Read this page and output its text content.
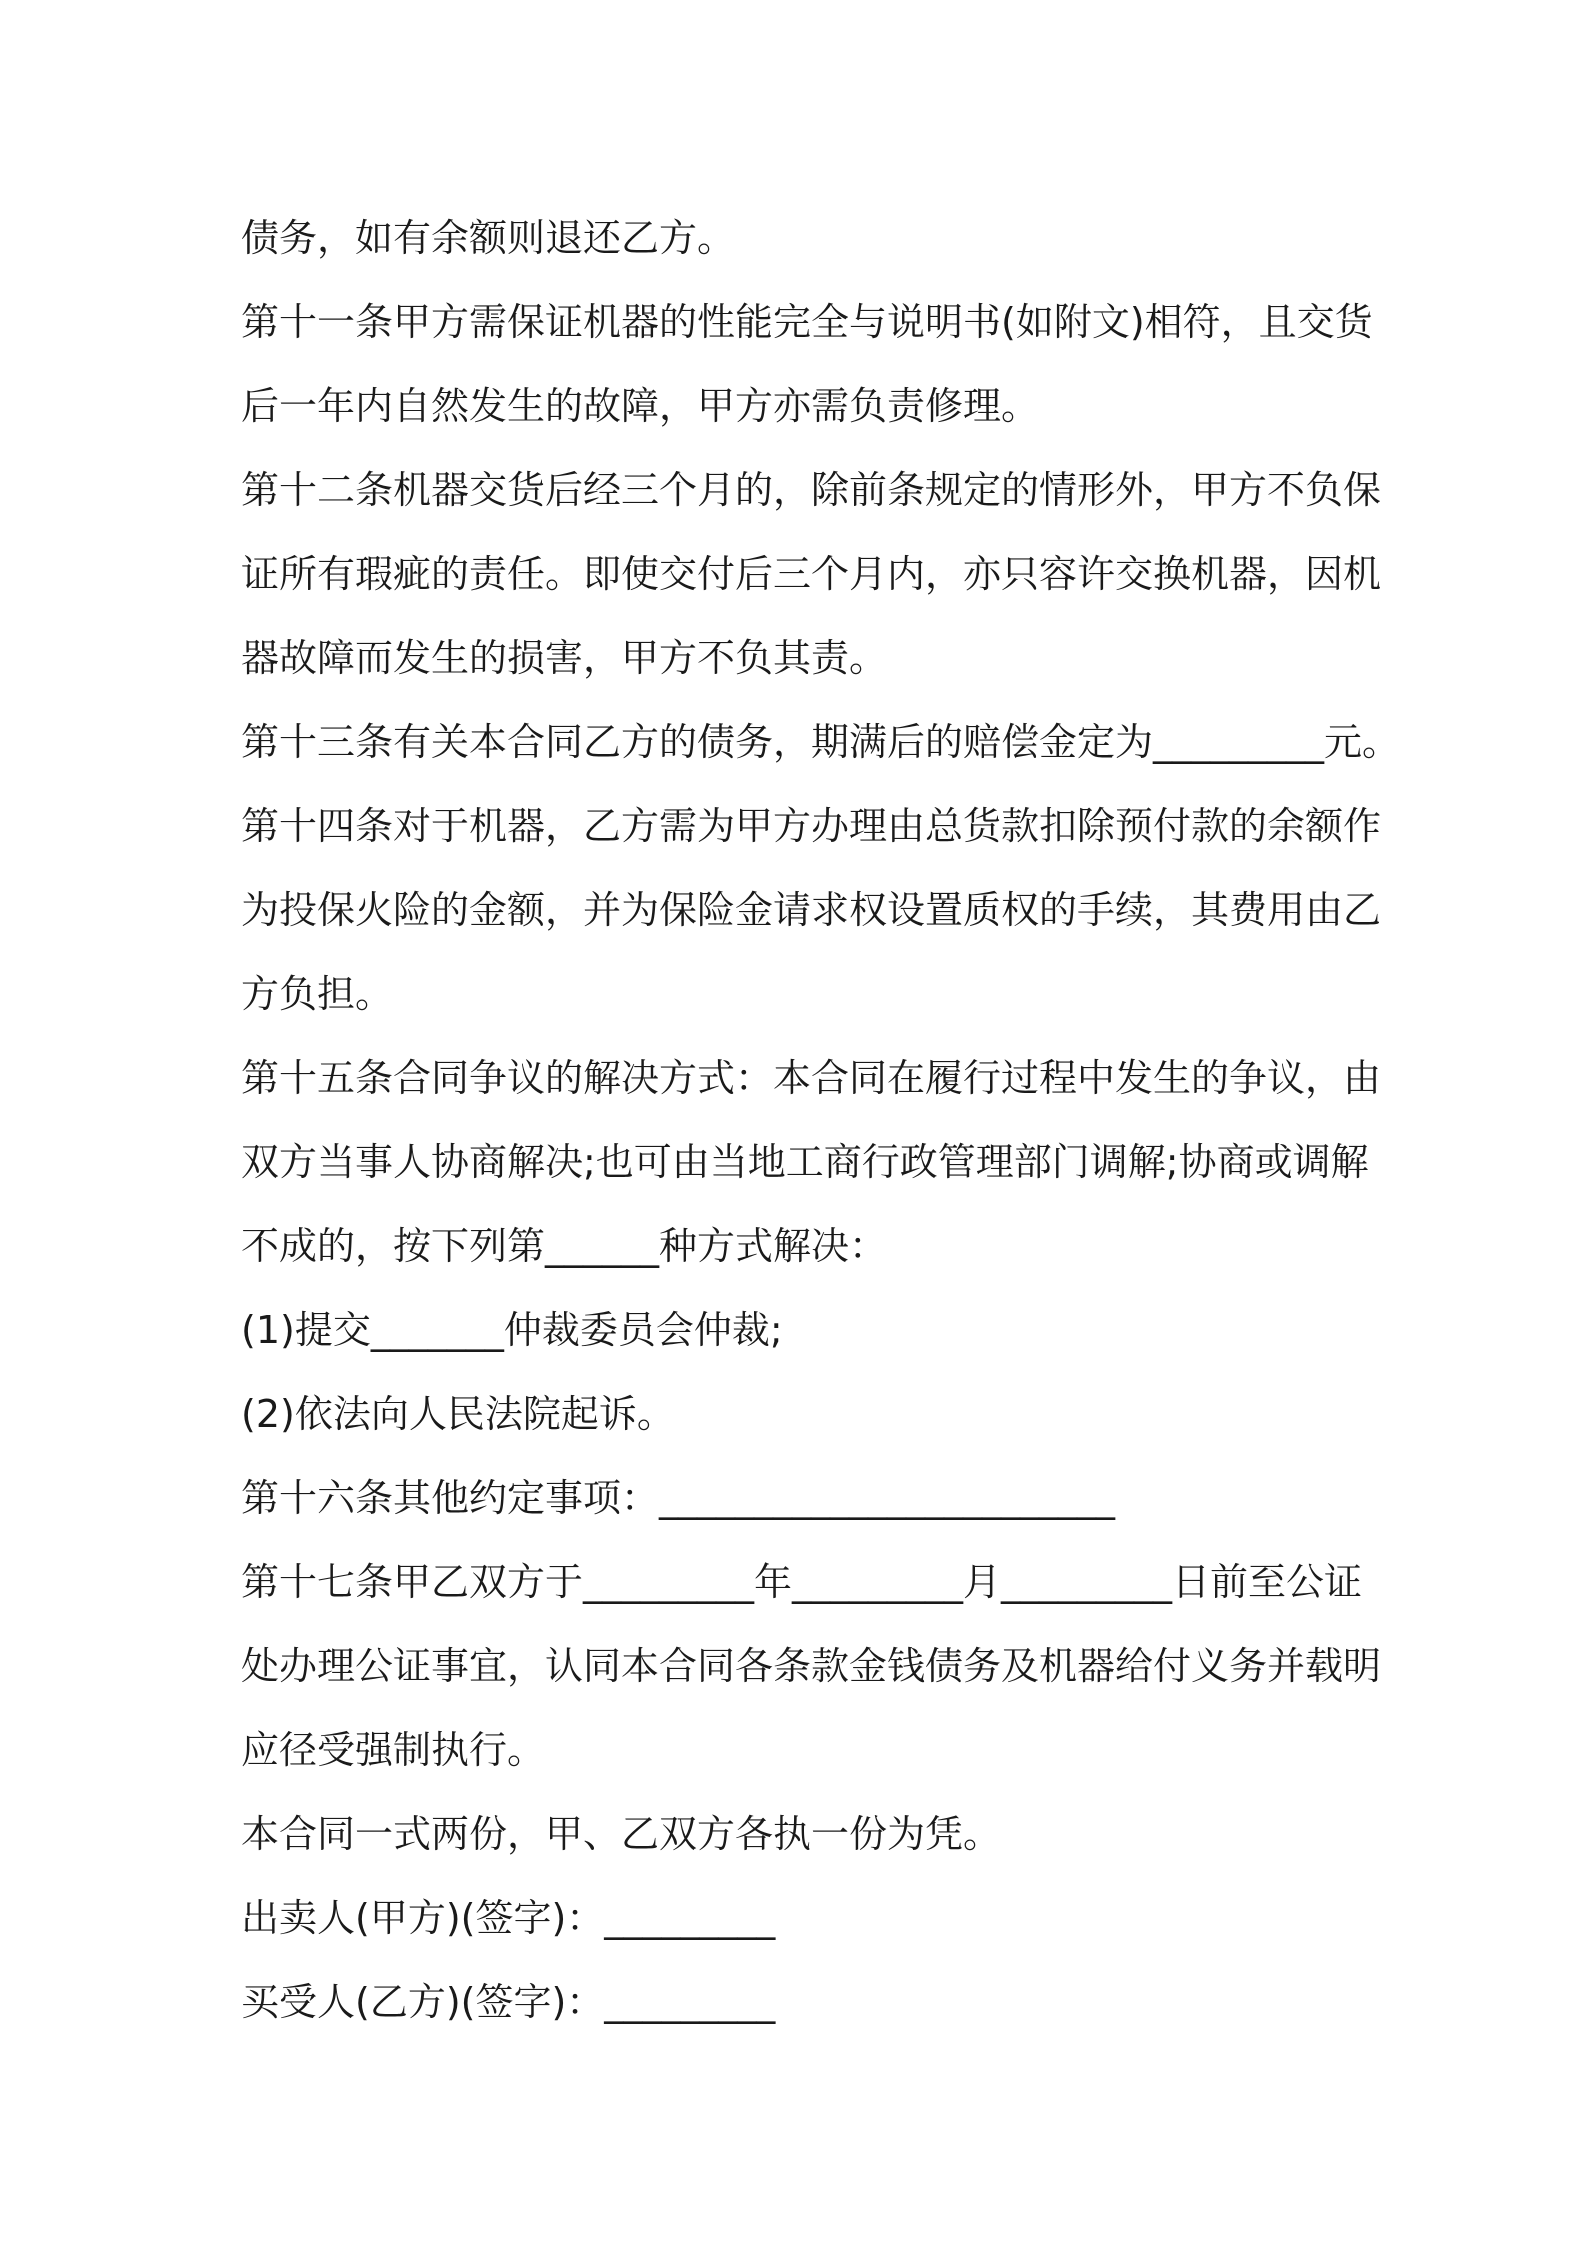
债务，如有余额则退还乙方。
第十一条甲方需保证机器的性能完全与说明书(如附文)相符，且交货
后一年内自然发生的故障，甲方亦需负责修理。
第十二条机器交货后经三个月的，除前条规定的情形外，甲方不负保
证所有瑕疵的责任。即使交付后三个月内，亦只容许交换机器，因机
器故障而发生的损害，甲方不负其责。
第十三条有关本合同乙方的债务，期满后的赔偿金定为_________元。
第十四条对于机器，乙方需为甲方办理由总货款扣除预付款的余额作
为投保火险的金额，并为保险金请求权设置质权的手续，其费用由乙
方负担。
第十五条合同争议的解决方式：本合同在履行过程中发生的争议，由
双方当事人协商解决;也可由当地工商行政管理部门调解;协商或调解
不成的，按下列第______种方式解决：
(1)提交_______仲裁委员会仲裁;
(2)依法向人民法院起诉。
第十六条其他约定事项：________________________
第十七条甲乙双方于_________年_________月_________日前至公证
处办理公证事宜，认同本合同各条款金钱债务及机器给付义务并载明
应径受强制执行。
本合同一式两份，甲、乙双方各执一份为凭。
出卖人(甲方)(签字)：_________
买受人(乙方)(签字)：_________
